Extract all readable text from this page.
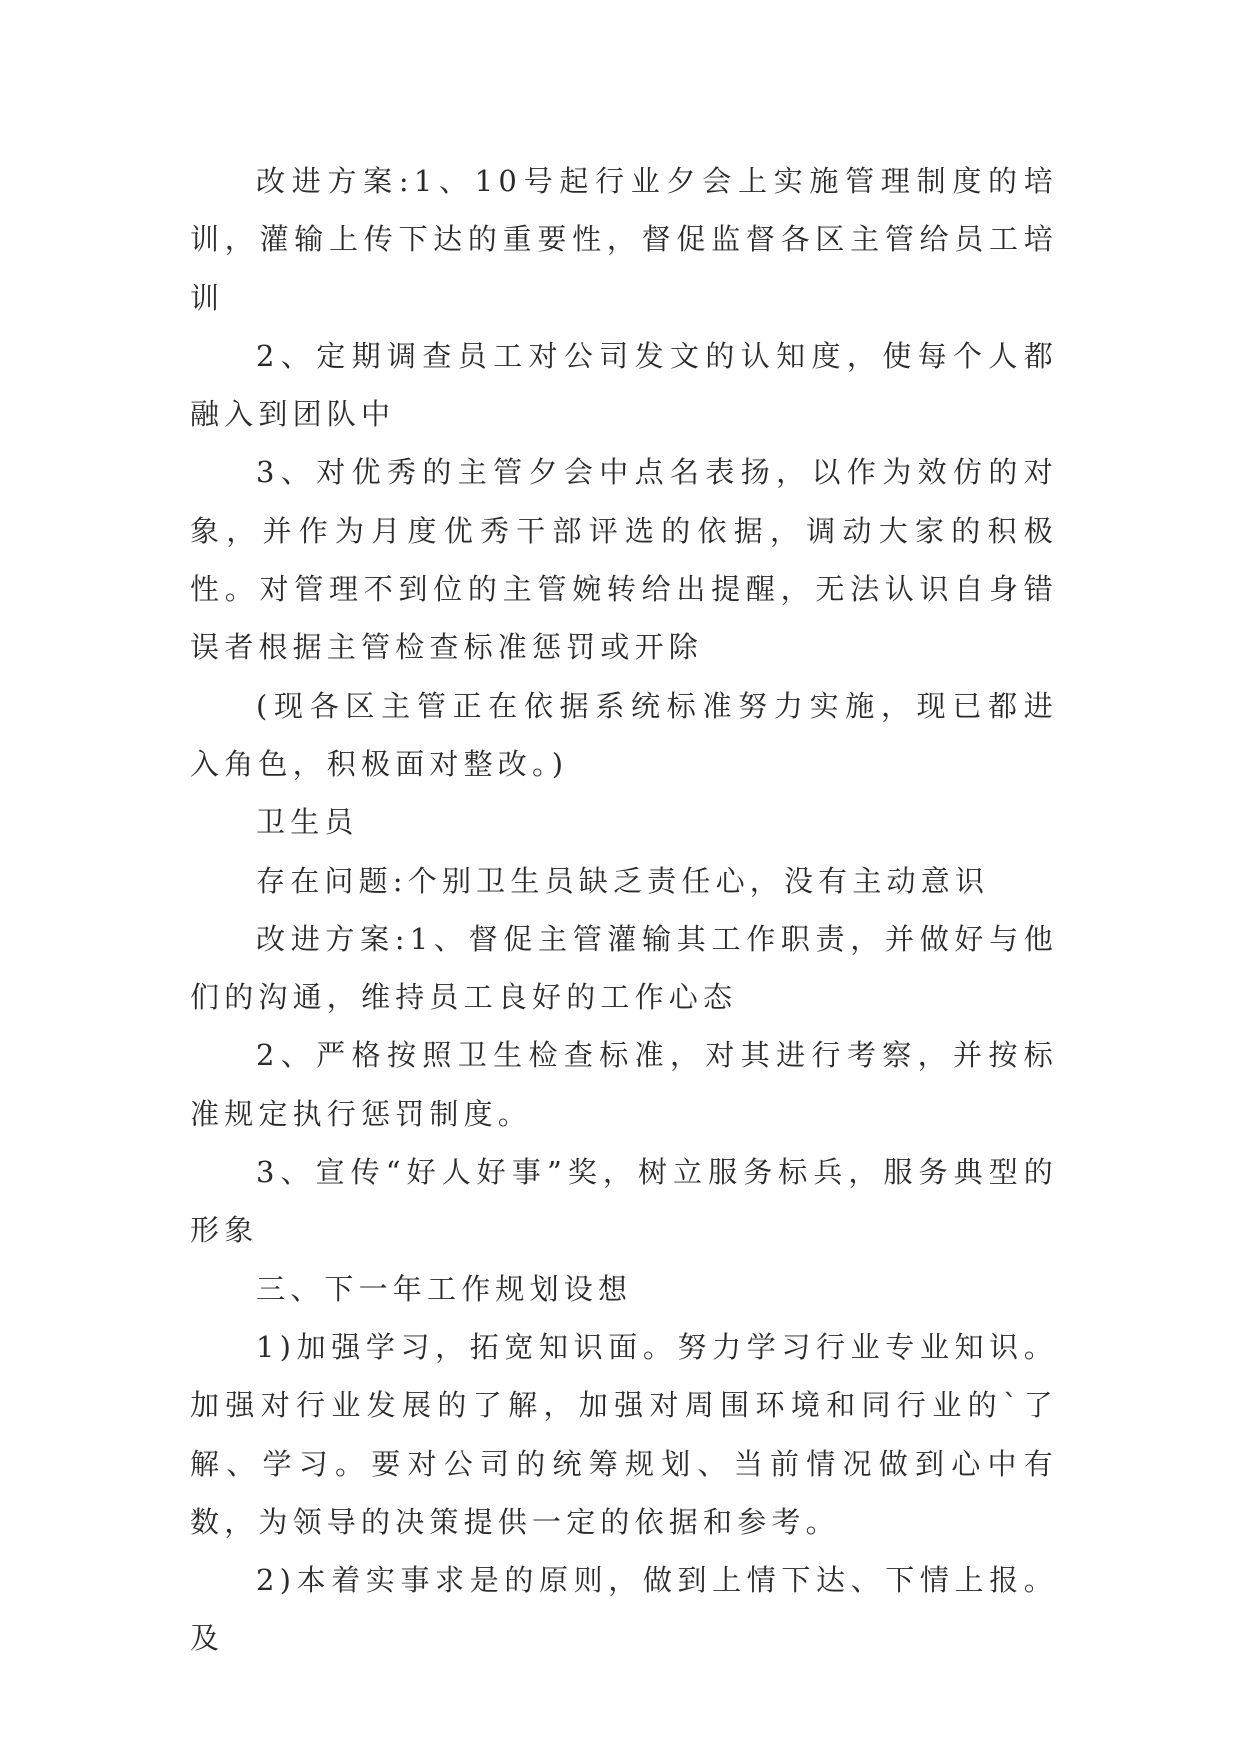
改进方案:1、10号起行业夕会上实施管理制度的培训，灌输上传下达的重要性，督促监督各区主管给员工培训

2、定期调查员工对公司发文的认知度，使每个人都融入到团队中

3、对优秀的主管夕会中点名表扬，以作为效仿的对象，并作为月度优秀干部评选的依据，调动大家的积极性。对管理不到位的主管婉转给出提醒，无法认识自身错误者根据主管检查标准惩罚或开除

(现各区主管正在依据系统标准努力实施，现已都进入角色，积极面对整改。)

卫生员

存在问题:个别卫生员缺乏责任心，没有主动意识

改进方案:1、督促主管灌输其工作职责，并做好与他们的沟通，维持员工良好的工作心态

2、严格按照卫生检查标准，对其进行考察，并按标准规定执行惩罚制度。

3、宣传“好人好事”奖，树立服务标兵，服务典型的形象

三、下一年工作规划设想

1)加强学习，拓宽知识面。努力学习行业专业知识。加强对行业发展的了解，加强对周围环境和同行业的`了解、学习。要对公司的统筹规划、当前情况做到心中有数，为领导的决策提供一定的依据和参考。

2)本着实事求是的原则，做到上情下达、下情上报。及
